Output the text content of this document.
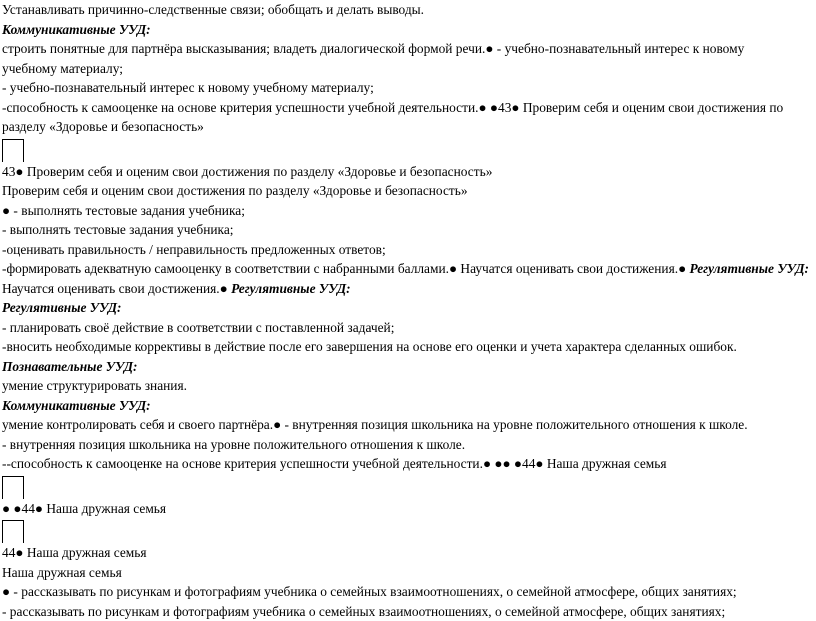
Устанавливать причинно-следственные связи; обобщать и делать выводы.
Коммуникативные УУД:
строить понятные для партнёра высказывания; владеть диалогической формой речи.● - учебно-познавательный интерес к новому учебному материалу;
- учебно-познавательный интерес к новому учебному материалу;
-способность к самооценке на основе критерия успешности учебной деятельности.● ●43● Проверим себя и оценим свои достижения по разделу «Здоровье и безопасность»
43● Проверим себя и оценим свои достижения по разделу «Здоровье и безопасность»
Проверим себя и оценим свои достижения по разделу «Здоровье и безопасность»
● - выполнять тестовые задания учебника;
- выполнять тестовые задания учебника;
-оценивать правильность / неправильность предложенных ответов;
-формировать адекватную самооценку в соответствии с набранными баллами.● Научатся оценивать свои достижения.● Регулятивные УУД:
Научатся оценивать свои достижения.● Регулятивные УУД:
Регулятивные УУД:
- планировать своё действие в соответствии с поставленной задачей;
-вносить необходимые коррективы в действие после его завершения на основе его оценки и учета характера сделанных ошибок.
Познавательные УУД:
умение структурировать знания.
Коммуникативные УУД:
умение контролировать себя и своего партнёра.● - внутренняя позиция школьника на уровне положительного отношения к школе.
- внутренняя позиция школьника на уровне положительного отношения к школе.
--способность к самооценке на основе критерия успешности учебной деятельности.● ●● ●44● Наша дружная семья
● ●44● Наша дружная семья
44● Наша дружная семья
Наша дружная семья
● - рассказывать по рисункам и фотографиям учебника о семейных взаимоотношениях, о семейной атмосфере, общих занятиях;
- рассказывать по рисункам и фотографиям учебника о семейных взаимоотношениях, о семейной атмосфере, общих занятиях;
